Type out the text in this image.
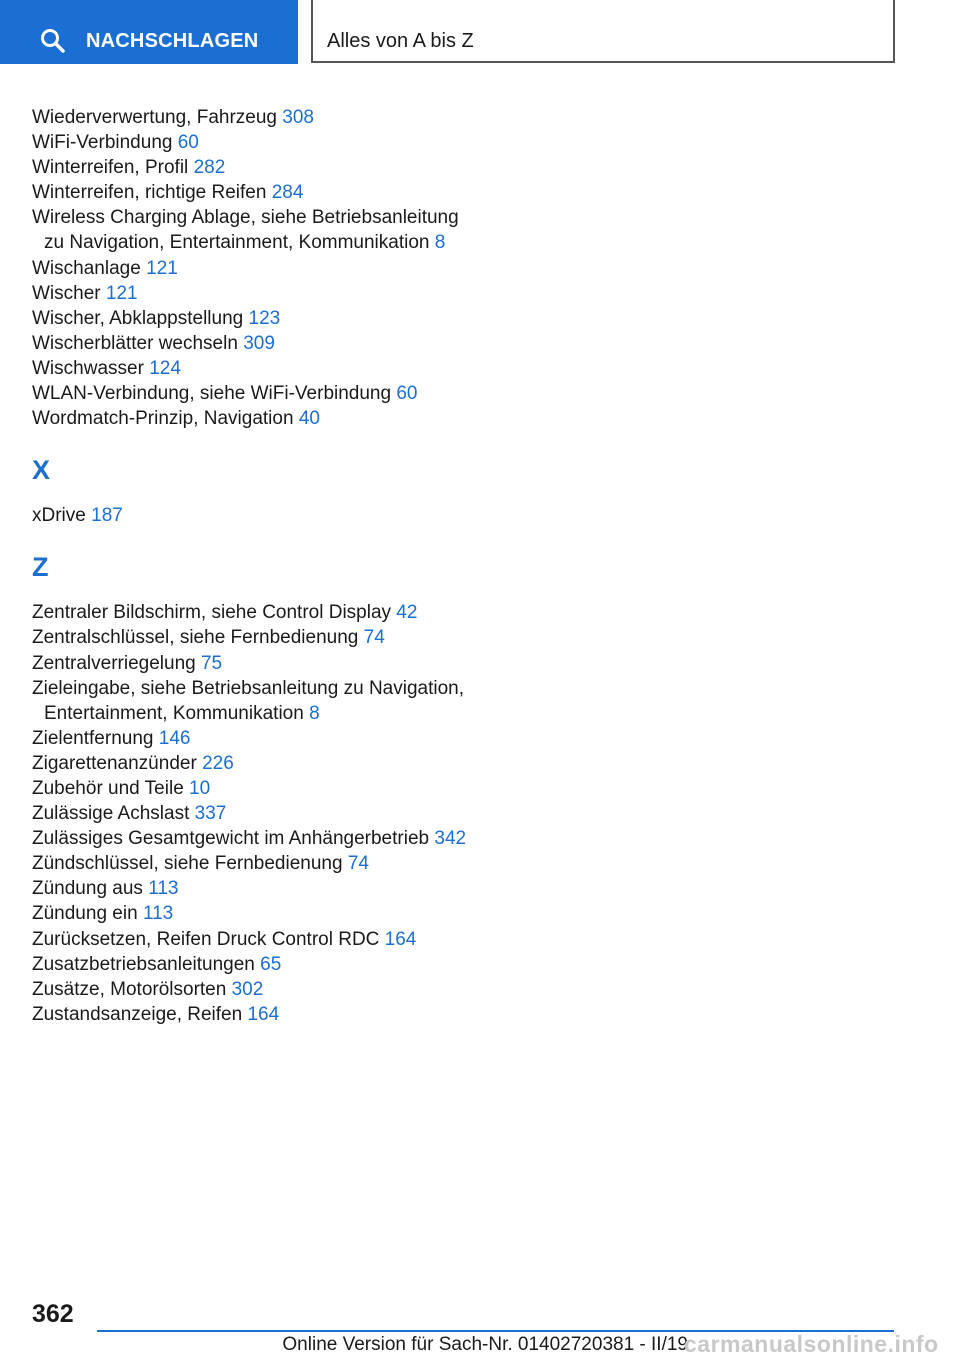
NACHSCHLAGEN	Alles von A bis Z
Wiederverwertung, Fahrzeug 308
WiFi-Verbindung 60
Winterreifen, Profil 282
Winterreifen, richtige Reifen 284
Wireless Charging Ablage, siehe Betriebsanleitung zu Navigation, Entertainment, Kommunikation 8
Wischanlage 121
Wischer 121
Wischer, Abklappstellung 123
Wischerblätter wechseln 309
Wischwasser 124
WLAN-Verbindung, siehe WiFi-Verbindung 60
Wordmatch-Prinzip, Navigation 40
X
xDrive 187
Z
Zentraler Bildschirm, siehe Control Display 42
Zentralschlüssel, siehe Fernbedienung 74
Zentralverriegelung 75
Zieleingabe, siehe Betriebsanleitung zu Navigation, Entertainment, Kommunikation 8
Zielentfernung 146
Zigarettenanzünder 226
Zubehör und Teile 10
Zulässige Achslast 337
Zulässiges Gesamtgewicht im Anhängerbetrieb 342
Zündschlüssel, siehe Fernbedienung 74
Zündung aus 113
Zündung ein 113
Zurücksetzen, Reifen Druck Control RDC 164
Zusatzbetriebsanleitungen 65
Zusätze, Motorölsorten 302
Zustandsanzeige, Reifen 164
362
Online Version für Sach-Nr. 01402720381 - II/19
carmanualsonline.info
